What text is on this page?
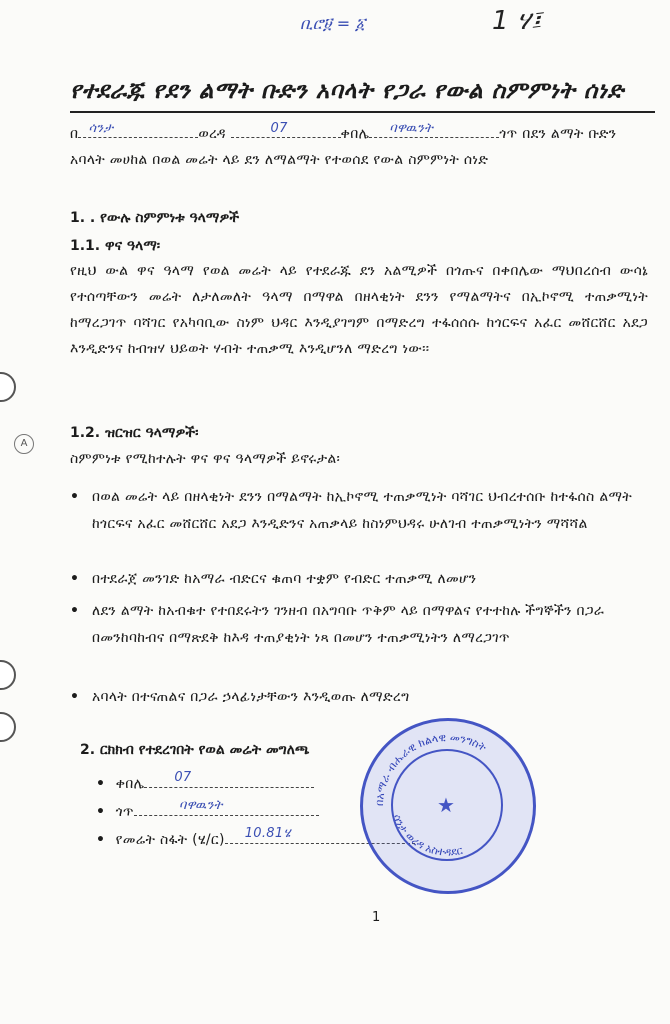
ቢሮ፱ = ፩	1 ሃ፤
የተደራጁ የደን ልማት ቡድን አባላት የጋራ የውል ስምምነት ሰነድ
በ ሳንታ	ወረዳ	07	ቀበሌ ባዋዉንት	ጎጥ በደን ልማት ቡድን
አባላት መሀከል በወል መሬት ላይ ደን ለማልማት የተወሰደ የውል ስምምነት ሰነድ
1. . የውሉ ስምምነቱ ዓላማዎች
1.1. ዋና ዓላማ፡
የዚህ ውል ዋና ዓላማ የወል መሬት ላይ የተደራጁ ደን አልሚዎች በጎጡና በቀበሌው ማህበረሰብ ውሳኔ የተሰጣቸውን መሬት ለታለመለት ዓላማ በማዋል በዘላቂነት ደንን የማልማትና በኢኮኖሚ ተጠቃሚነት ከማረጋገጥ ባሻገር የአካባቢው ስነም ህዳር እንዲያገግም በማድረግ ተፋሰሰሱ ከጎርፍና አፈር መሸርሸር አደጋ እንዲድንና ከብዝሃ ህይወት ሃብት ተጠቃሚ እንዲሆንለ ማድረግ ነው፡፡
1.2. ዝርዝር ዓላማዎች፡
ስምምነቱ የሚከተሉት ዋና ዋና ዓላማዎች ይኖሩታል፡
• በወል መሬት ላይ በዘላቂነት ደንን በማልማት ከኢኮኖሚ ተጠቃሚነት ባሻገር ህብረተሰቡ ከተፋሰስ ልማት ከጎርፍና አፈር መሸርሸር አደጋ እንዲድንና አጠቃላይ ከስነምህዳሩ ሁለገብ ተጠቃሚነትን ማሻሻል
• በተደራጀ መንገድ ከአማራ ብድርና ቁጠባ ተቋም የብድር ተጠቃሚ ለመሆን
• ለደን ልማት ከአብቁተ የተበደሩትን ገንዘብ በአግባቡ ጥቅም ላይ በማዋልና የተተከሉ ችግኞችን በጋራ በመንከባከብና በማጽደቅ ከእዳ ተጠያቂነት ነጻ በመሆን ተጠቃሚነትን ለማረጋገጥ
• አባላት በተናጠልና በጋራ ኃላፊነታቸውን እንዲወጡ ለማድረግ
2. ርክክብ የተደረገበት የወል መሬት መግለጫ
•  ቀበሌ 07
•  ጎጥ	ባዋዉንት
•  የመሬት ስፋት (ሄ/ር) 10.81ሄ
በአማራ ብሔራዊ ክልላዊ መንግስት
ሳንታ ወረዳ አስተዳደር
★
1
A
